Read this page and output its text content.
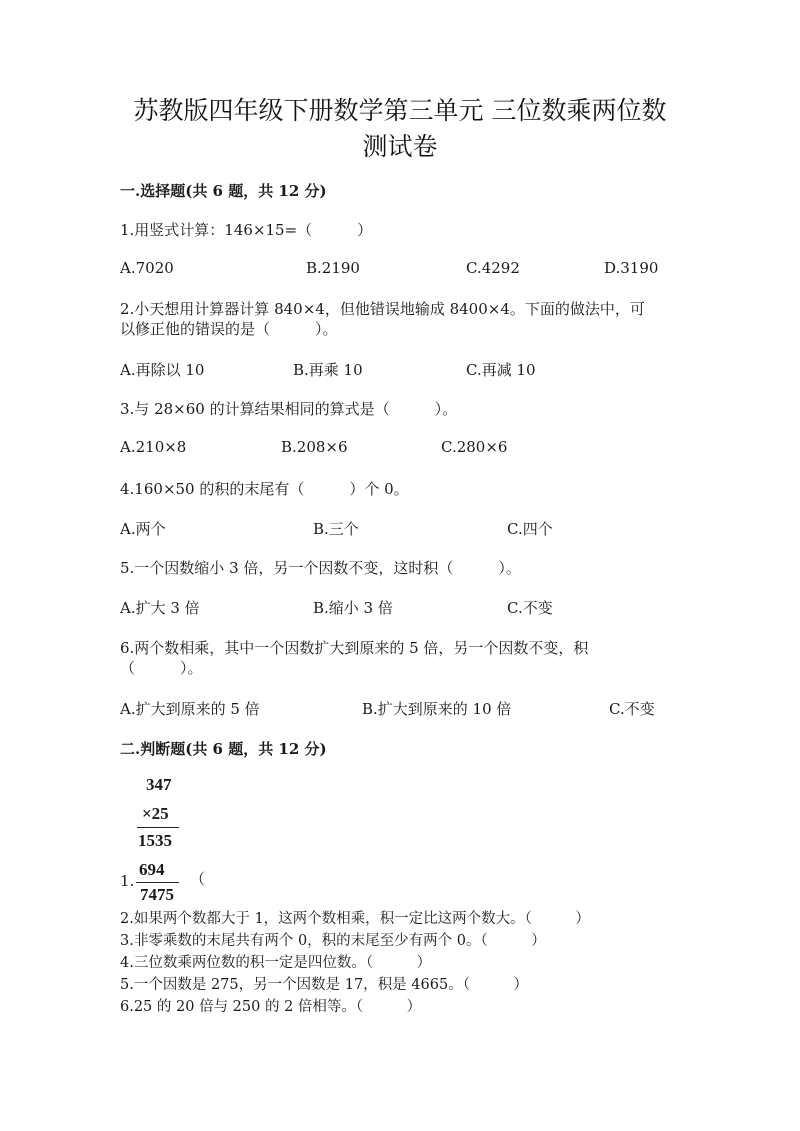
苏教版四年级下册数学第三单元 三位数乘两位数
测试卷
一.选择题(共 6 题，共 12 分)
1.用竖式计算：146×15=（　　　）
A.7020	B.2190	C.4292	D.3190
2.小天想用计算器计算 840×4，但他错误地输成 8400×4。下面的做法中，可
以修正他的错误的是（　　　）。
A.再除以 10	B.再乘 10	C.再减 10
3.与 28×60 的计算结果相同的算式是（　　　）。
A.210×8	B.208×6	C.280×6
4.160×50 的积的末尾有（　　　）个 0。
A.两个	B.三个	C.四个
5.一个因数缩小 3 倍，另一个因数不变，这时积（　　　）。
A.扩大 3 倍	B.缩小 3 倍	C.不变
6.两个数相乘，其中一个因数扩大到原来的 5 倍，另一个因数不变，积
（　　　）。
A.扩大到原来的 5 倍	B.扩大到原来的 10 倍	C.不变
二.判断题(共 6 题，共 12 分)
347
×25
1535
1.
694
7475
（
2.如果两个数都大于 1，这两个数相乘，积一定比这两个数大。（　　　）
3.非零乘数的末尾共有两个 0，积的末尾至少有两个 0。（　　　）
4.三位数乘两位数的积一定是四位数。（　　　）
5.一个因数是 275，另一个因数是 17，积是 4665。（　　　）
6.25 的 20 倍与 250 的 2 倍相等。（　　　）
